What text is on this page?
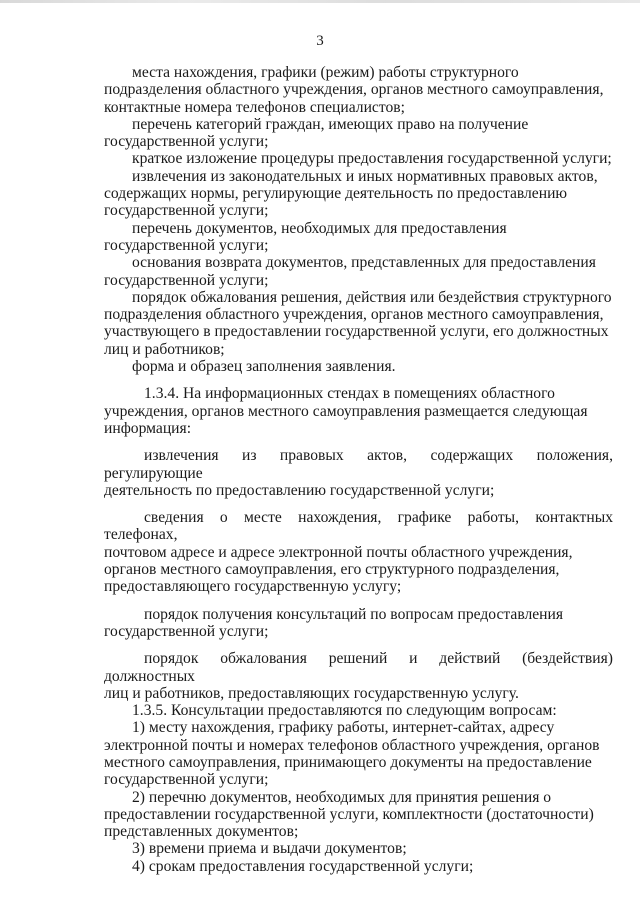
3

места нахождения, графики (режим) работы структурного
подразделения областного учреждения, органов местного самоуправления,
контактные номера телефонов специалистов;

перечень категорий граждан, имеющих право на получение
государственной услуги;

краткое изложение процедуры предоставления государственной услуги;

извлечения из законодательных и иных нормативных правовых актов,
содержащих нормы, регулирующие деятельность по предоставлению
государственной услуги;

перечень документов, необходимых для предоставления
государственной услуги;

основания возврата документов, представленных для предоставления
государственной услуги;

порядок обжалования решения, действия или бездействия структурного
подразделения областного учреждения, органов местного самоуправления,
участвующего в предоставлении государственной услуги, его должностных
лиц и работников;

форма и образец заполнения заявления.

1.3.4. На информационных стендах в помещениях областного
учреждения, органов местного самоуправления размещается следующая
информация:

извлечения из правовых актов, содержащих положения, регулирующие
деятельность по предоставлению государственной услуги;

сведения о месте нахождения, графике работы, контактных телефонах,
почтовом адресе и адресе электронной почты областного учреждения,
органов местного самоуправления, его структурного подразделения,
предоставляющего государственную услугу;

порядок получения консультаций по вопросам предоставления
государственной услуги;

порядок обжалования решений и действий (бездействия) должностных
лиц и работников, предоставляющих государственную услугу.

1.3.5. Консультации предоставляются по следующим вопросам:

1) месту нахождения, графику работы, интернет-сайтах, адресу
электронной почты и номерах телефонов областного учреждения, органов
местного самоуправления, принимающего документы на предоставление
государственной услуги;

2) перечню документов, необходимых для принятия решения о
предоставлении государственной услуги, комплектности (достаточности)
представленных документов;

3) времени приема и выдачи документов;

4) срокам предоставления государственной услуги;
